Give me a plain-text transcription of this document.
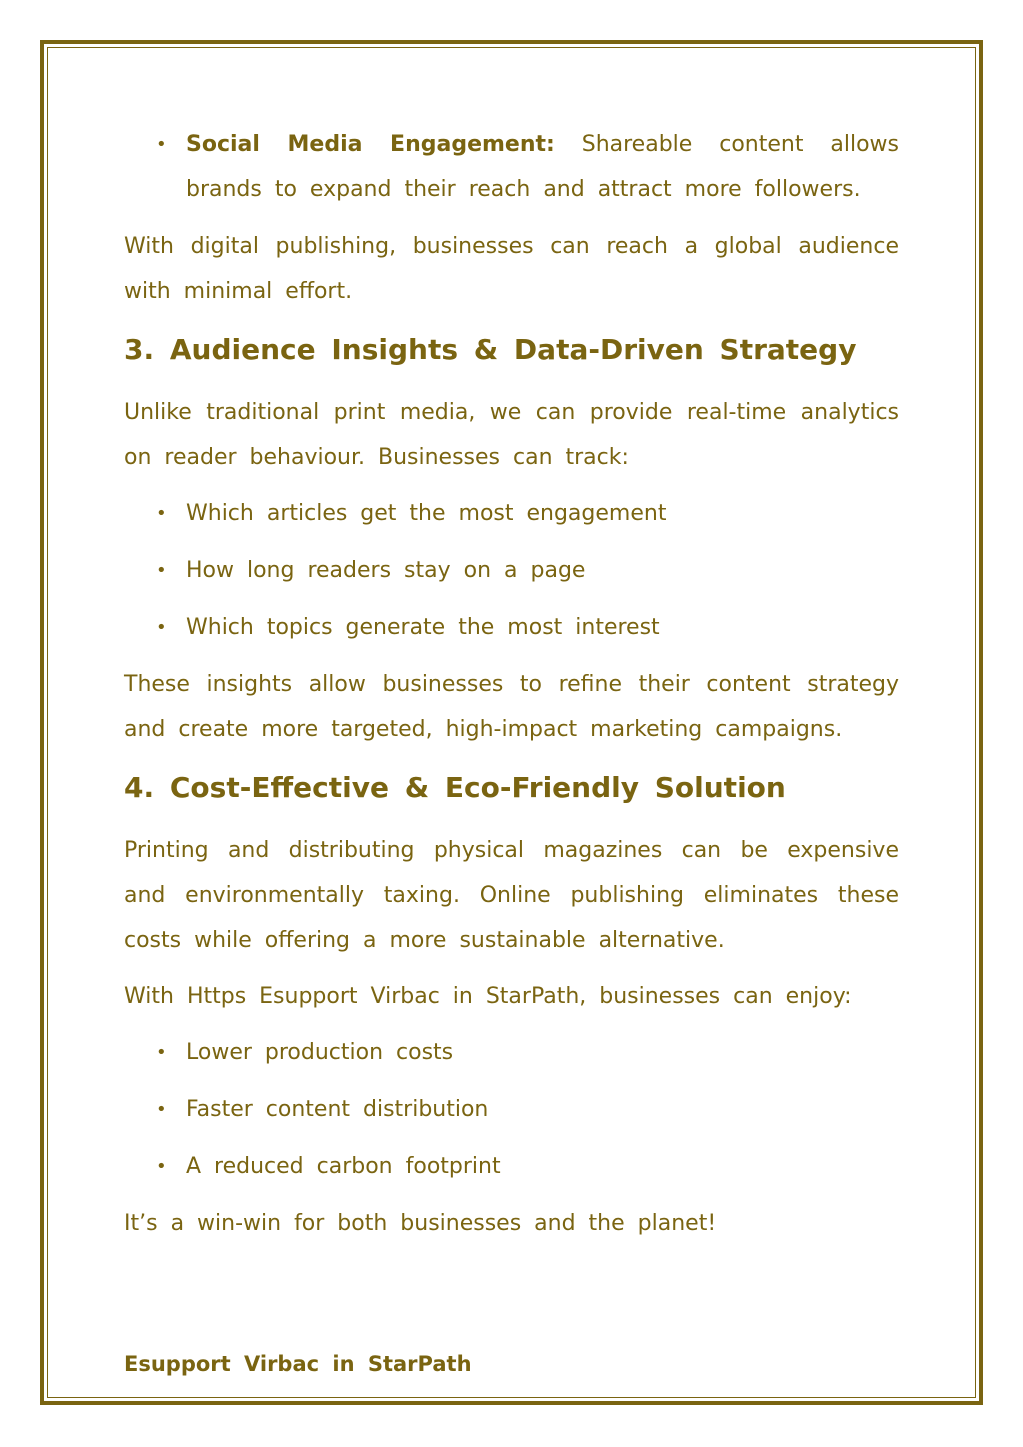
• Social Media Engagement: Shareable content allows brands to expand their reach and attract more followers.

With digital publishing, businesses can reach a global audience with minimal effort.

3. Audience Insights & Data-Driven Strategy

Unlike traditional print media, we can provide real-time analytics on reader behaviour. Businesses can track:

• Which articles get the most engagement
• How long readers stay on a page
• Which topics generate the most interest

These insights allow businesses to refine their content strategy and create more targeted, high-impact marketing campaigns.

4. Cost-Effective & Eco-Friendly Solution

Printing and distributing physical magazines can be expensive and environmentally taxing. Online publishing eliminates these costs while offering a more sustainable alternative.

With Https Esupport Virbac in StarPath, businesses can enjoy:

• Lower production costs
• Faster content distribution
• A reduced carbon footprint

It’s a win-win for both businesses and the planet!

Esupport Virbac in StarPath
